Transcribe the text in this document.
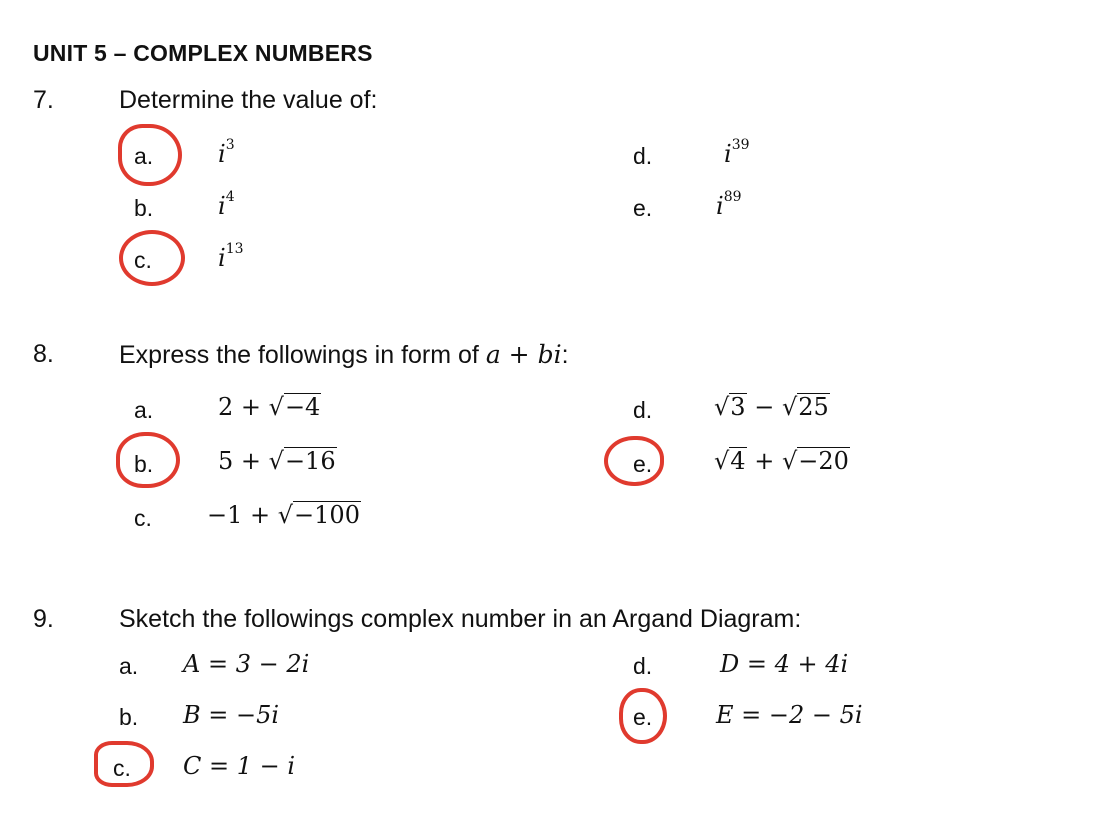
UNIT 5 – COMPLEX NUMBERS
7.	Determine the value of:
a.	$i^3$
b.	$i^4$
c.	$i^{13}$
d.	$i^{39}$
e.	$i^{89}$
8.	Express the followings in form of a + bi:
a.	2 + √−4
b.	5 + √−16
c. −1 + √−100
d.	√3 − √25
e.	√4 + √−20
9.	Sketch the followings complex number in an Argand Diagram:
a. A = 3 − 2i
b. B = −5i
c. C = 1 − i
d.	D = 4 + 4i
e.	E = −2 − 5i
